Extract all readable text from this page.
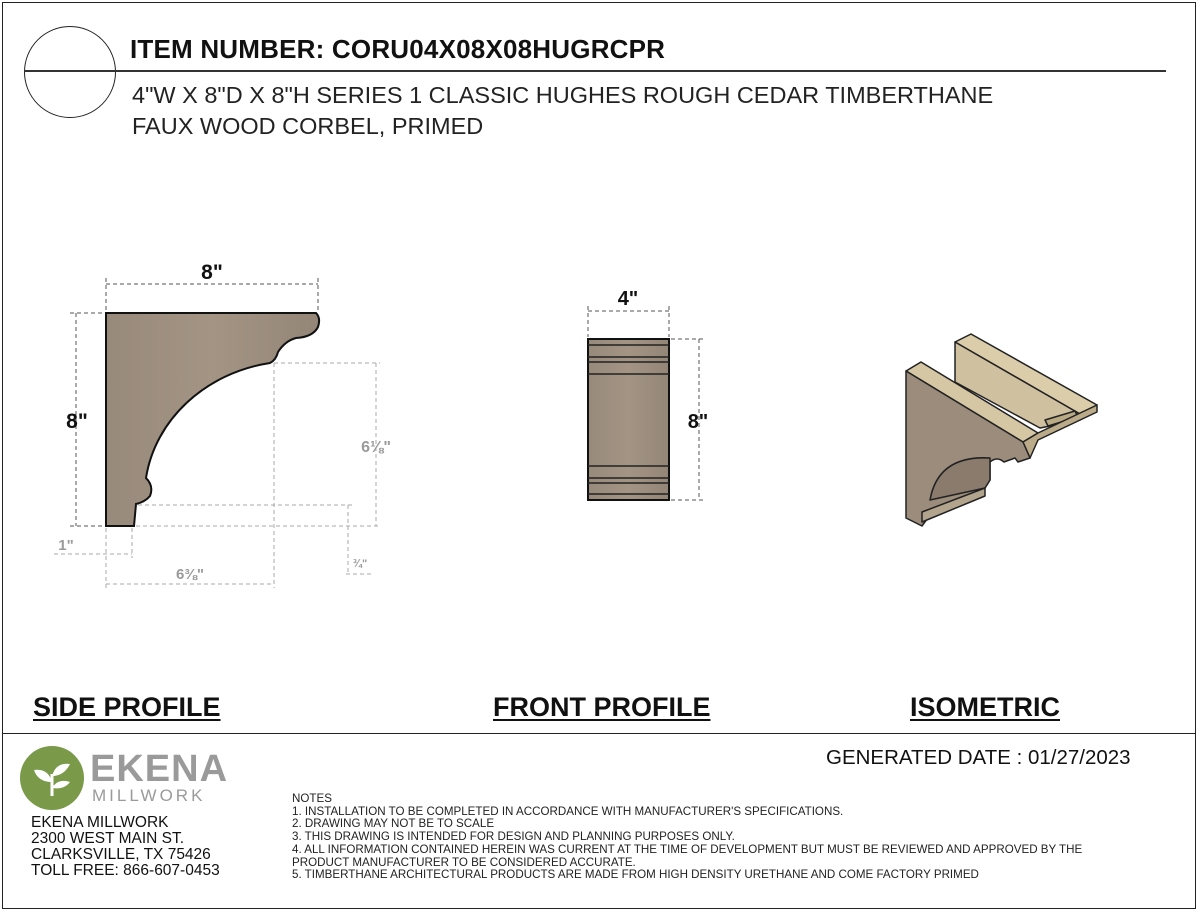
ITEM NUMBER: CORU04X08X08HUGRCPR
4"W X 8"D X 8"H SERIES 1 CLASSIC HUGHES ROUGH CEDAR TIMBERTHANE
FAUX WOOD CORBEL, PRIMED
8"
8"
6⅛"
¾"
1"
6⅜"
4"
8"
SIDE PROFILE	FRONT PROFILE	ISOMETRIC
EKENA
MILLWORK
EKENA MILLWORK
2300 WEST MAIN ST.
CLARKSVILLE, TX 75426
TOLL FREE: 866-607-0453
GENERATED DATE : 01/27/2023
NOTES
1. INSTALLATION TO BE COMPLETED IN ACCORDANCE WITH MANUFACTURER'S SPECIFICATIONS.
2. DRAWING MAY NOT BE TO SCALE
3. THIS DRAWING IS INTENDED FOR DESIGN AND PLANNING PURPOSES ONLY.
4. ALL INFORMATION CONTAINED HEREIN WAS CURRENT AT THE TIME OF DEVELOPMENT BUT MUST BE REVIEWED AND APPROVED BY THE
PRODUCT MANUFACTURER TO BE CONSIDERED ACCURATE.
5. TIMBERTHANE ARCHITECTURAL PRODUCTS ARE MADE FROM HIGH DENSITY URETHANE AND COME FACTORY PRIMED
